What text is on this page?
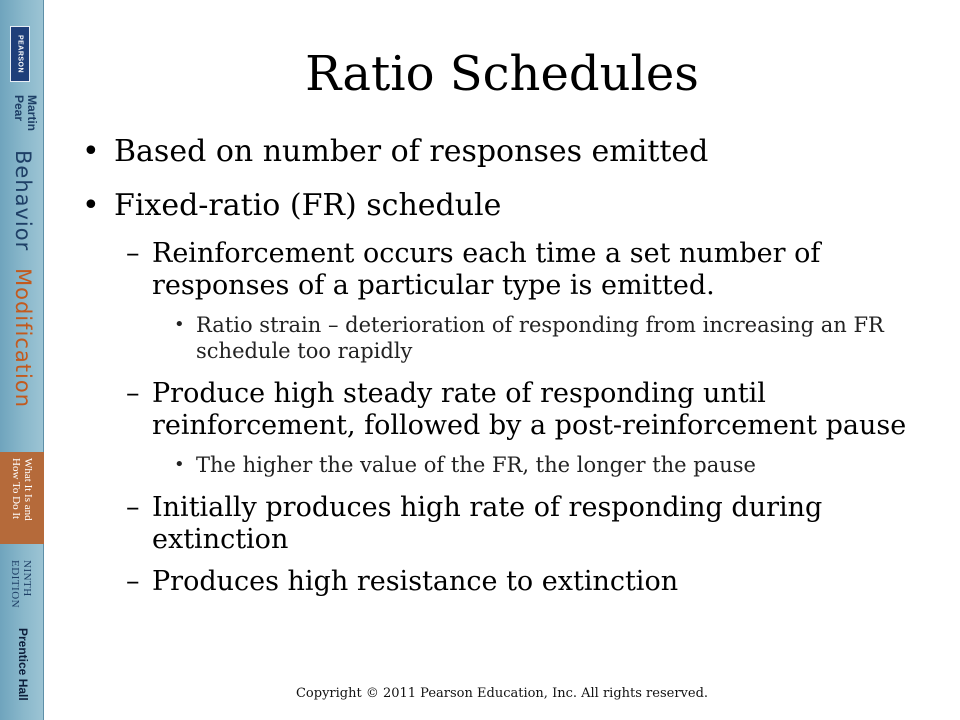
PEARSON
Martin
Pear
Behavior
Modification
What It Is and
How To Do It
NINTH
EDITION
Prentice Hall
Ratio Schedules
• Based on number of responses emitted
• Fixed-ratio (FR) schedule
– Reinforcement occurs each time a set number of responses of a particular type is emitted.
• Ratio strain – deterioration of responding from increasing an FR schedule too rapidly
– Produce high steady rate of responding until reinforcement, followed by a post-reinforcement pause
• The higher the value of the FR, the longer the pause
– Initially produces high rate of responding during extinction
– Produces high resistance to extinction
Copyright © 2011 Pearson Education, Inc. All rights reserved.
